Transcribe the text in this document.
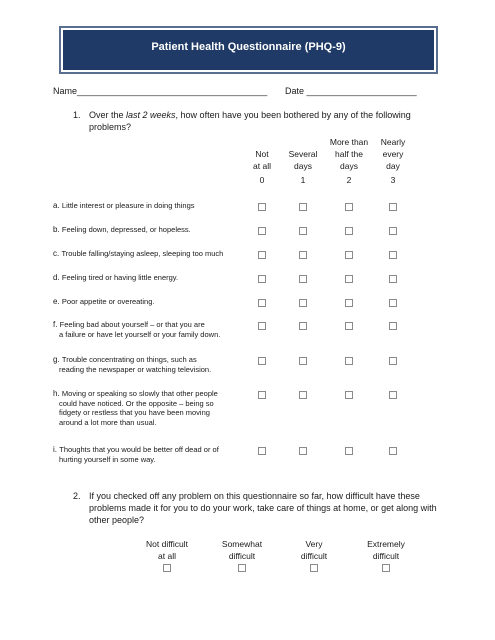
Patient Health Questionnaire (PHQ-9)
Name______________________________________ Date ______________________
1. Over the last 2 weeks, how often have you been bothered by any of the following
problems?
Not
at all
0
Several
days
1
More than
half the
days
2
Nearly
every
day
3
a. Little interest or pleasure in doing things
b. Feeling down, depressed, or hopeless.
c. Trouble falling/staying asleep, sleeping too much
d. Feeling tired or having little energy.
e. Poor appetite or overeating.
f. Feeling bad about yourself – or that you are
a failure or have let yourself or your family down.
g. Trouble concentrating on things, such as
reading the newspaper or watching television.
h. Moving or speaking so slowly that other people
could have noticed. Or the opposite – being so
fidgety or restless that you have been moving
around a lot more than usual.
i. Thoughts that you would be better off dead or of
hurting yourself in some way.
2. If you checked off any problem on this questionnaire so far, how difficult have these
problems made it for you to do your work, take care of things at home, or get along with
other people?
Not difficult
at all
Somewhat
difficult
Very
difficult
Extremely
difficult
